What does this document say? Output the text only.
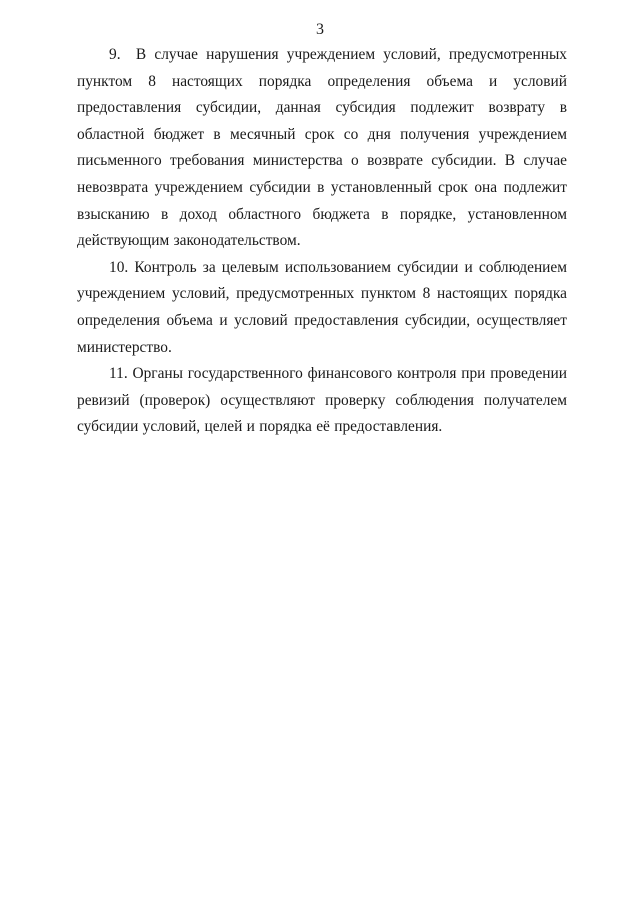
3

9. В случае нарушения учреждением условий, предусмотренных пунктом 8 настоящих порядка определения объема и условий предоставления субсидии, данная субсидия подлежит возврату в областной бюджет в месячный срок со дня получения учреждением письменного требования министерства о возврате субсидии. В случае невозврата учреждением субсидии в установленный срок она подлежит взысканию в доход областного бюджета в порядке, установленном действующим законодательством.

10. Контроль за целевым использованием субсидии и соблюдением учреждением условий, предусмотренных пунктом 8 настоящих порядка определения объема и условий предоставления субсидии, осуществляет министерство.

11. Органы государственного финансового контроля при проведении ревизий (проверок) осуществляют проверку соблюдения получателем субсидии условий, целей и порядка её предоставления.
